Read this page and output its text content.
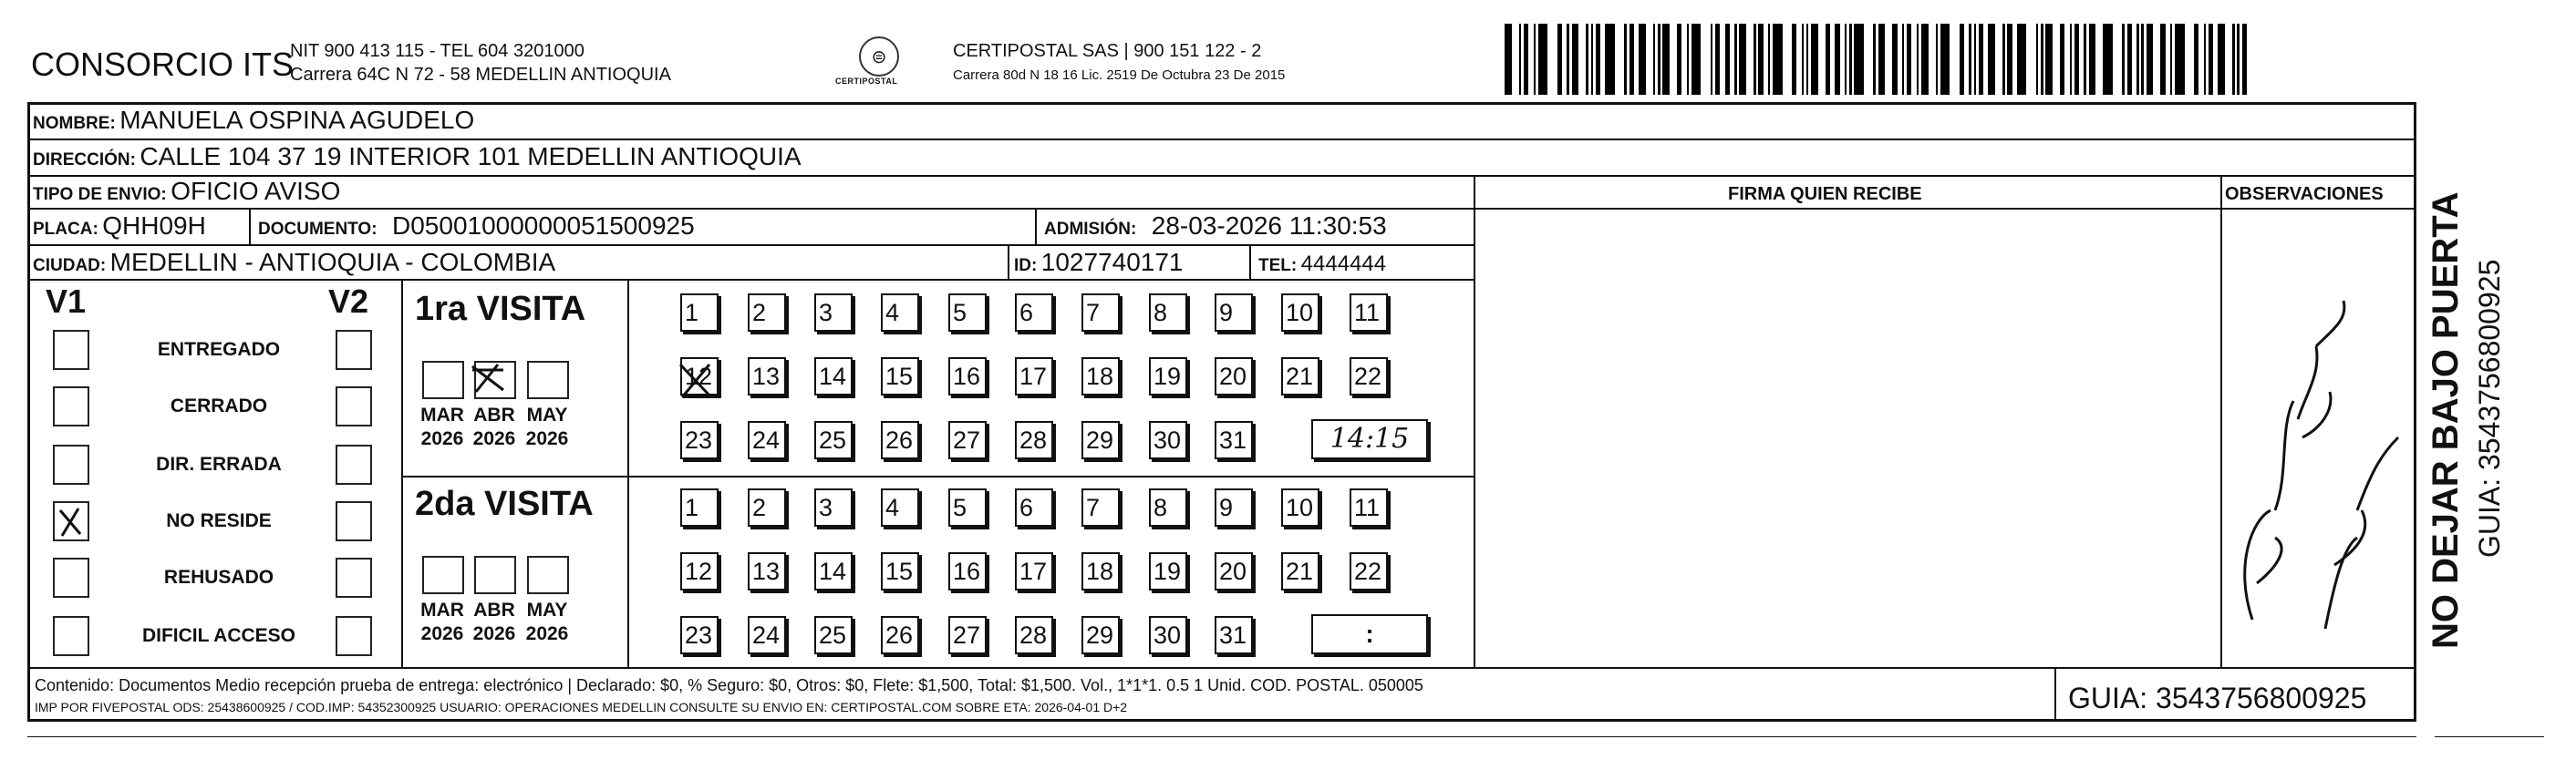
CONSORCIO ITS
NIT 900 413 115 - TEL 604 3201000
Carrera 64C N 72 - 58 MEDELLIN ANTIOQUIA
⊜
CERTIPOSTAL
CERTIPOSTAL SAS | 900 151 122 - 2
Carrera 80d N 18 16 Lic. 2519 De Octubra 23 De 2015
NOMBRE: MANUELA OSPINA AGUDELO
DIRECCIÓN: CALLE 104 37 19 INTERIOR 101 MEDELLIN ANTIOQUIA
TIPO DE ENVIO: OFICIO AVISO	FIRMA QUIEN RECIBE	OBSERVACIONES
PLACA: QHH09H	DOCUMENTO: D05001000000051500925	ADMISIÓN: 28-03-2026 11:30:53
CIUDAD: MEDELLIN - ANTIOQUIA - COLOMBIA	ID: 1027740171	TEL: 4444444
V1	V2
ENTREGADO
CERRADO
DIR. ERRADA
NO RESIDE
REHUSADO
DIFICIL ACCESO
1ra VISITA
2da VISITA
MAR
2026
ABR
2026
MAY
2026
MAR
2026
ABR
2026
MAY
2026
1	2	3	4	5	6	7	8	9	10 11
12 13 14 15 16 17 18 19 20 21 22
23 24 25 26 27 28 29 30 31
1	2	3	4	5	6	7	8	9	10 11
12 13 14 15 16 17 18 19 20 21 22
23 24 25 26 27 28 29 30 31
14:15
:
Contenido: Documentos Medio recepción prueba de entrega: electrónico | Declarado: $0, % Seguro: $0, Otros: $0, Flete: $1,500, Total: $1,500. Vol., 1*1*1. 0.5 1 Unid. COD. POSTAL. 050005
IMP POR FIVEPOSTAL ODS: 25438600925 / COD.IMP: 54352300925 USUARIO: OPERACIONES MEDELLIN CONSULTE SU ENVIO EN: CERTIPOSTAL.COM SOBRE ETA: 2026-04-01 D+2	GUIA: 3543756800925
NO DEJAR BAJO PUERTA GUIA: 3543756800925
